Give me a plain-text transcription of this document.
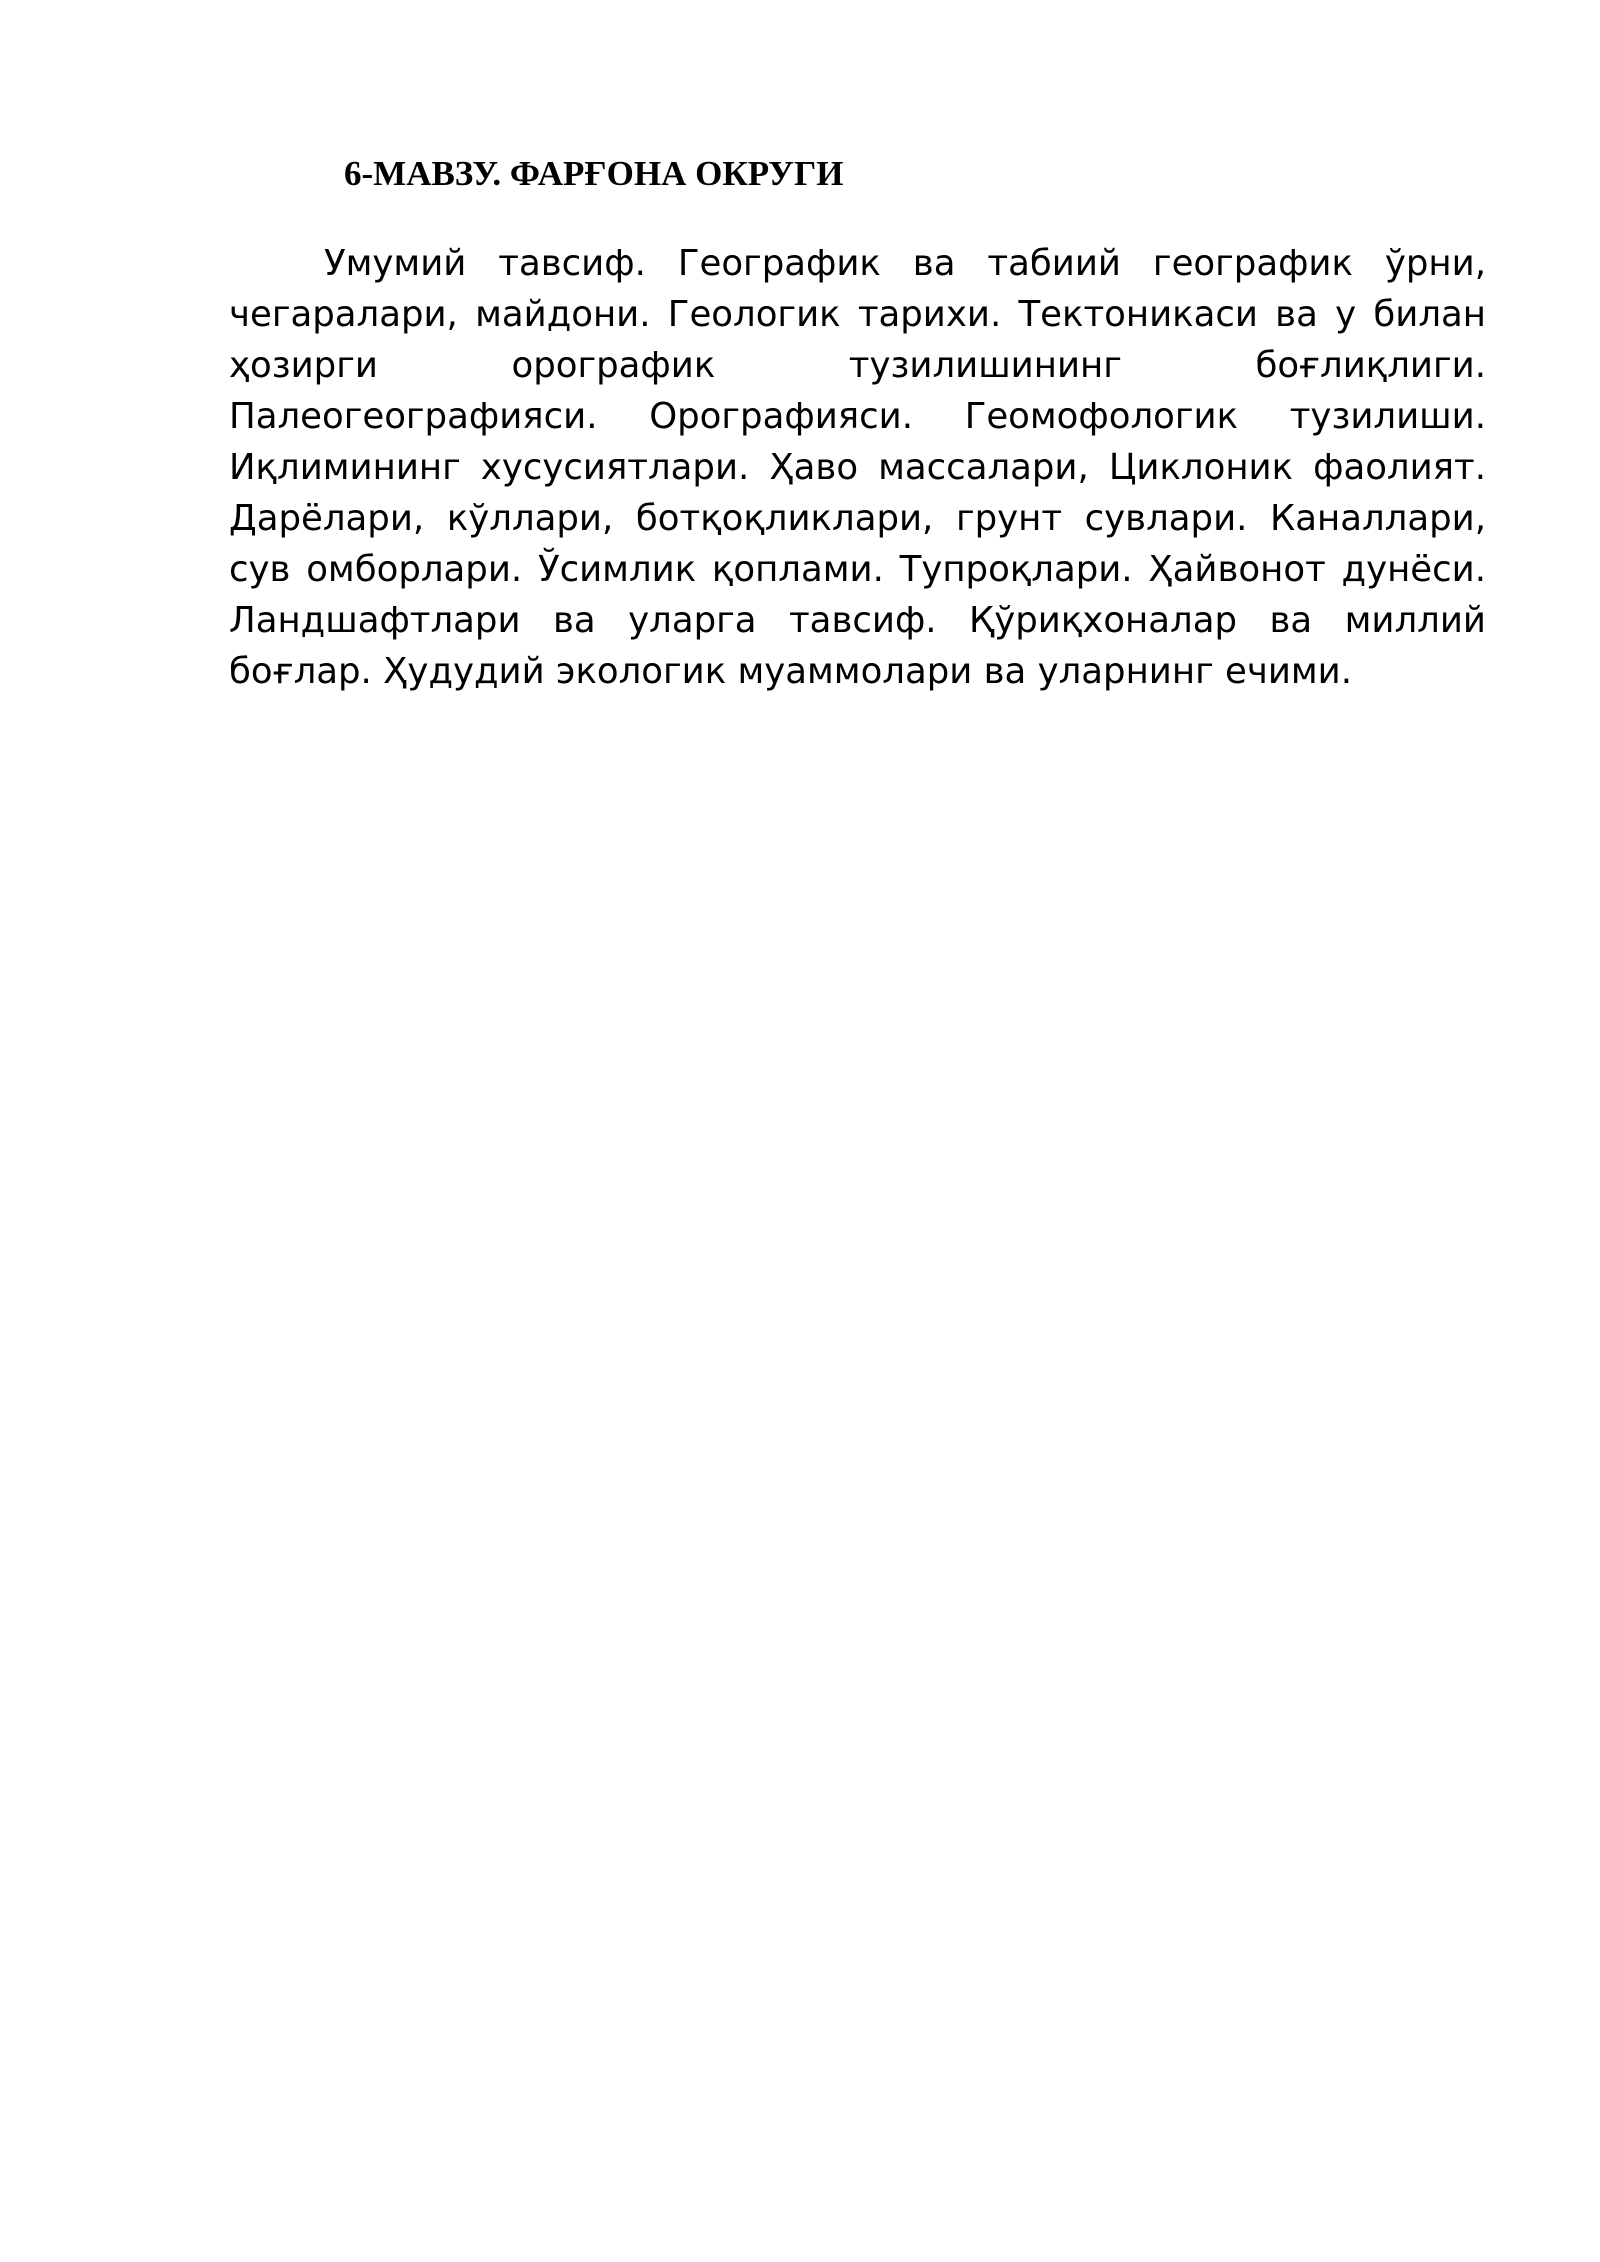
6-МАВЗУ. ФАРҒОНА ОКРУГИ

Умумий тавсиф. Географик ва табиий географик ўрни, чегаралари, майдони. Геологик тарихи. Тектоникаси ва у билан ҳозирги орографик тузилишининг боғлиқлиги. Палеогеографияси. Орографияси. Геомофологик тузилиши. Иқлимининг хусусиятлари. Ҳаво массалари, Циклоник фаолият. Дарёлари, кўллари, ботқоқликлари, грунт сувлари. Каналлари, сув омборлари. Ўсимлик қоплами. Тупроқлари. Ҳайвонот дунёси. Ландшафтлари ва уларга тавсиф. Қўриқхоналар ва миллий боғлар. Ҳудудий экологик муаммолари ва уларнинг ечими.
